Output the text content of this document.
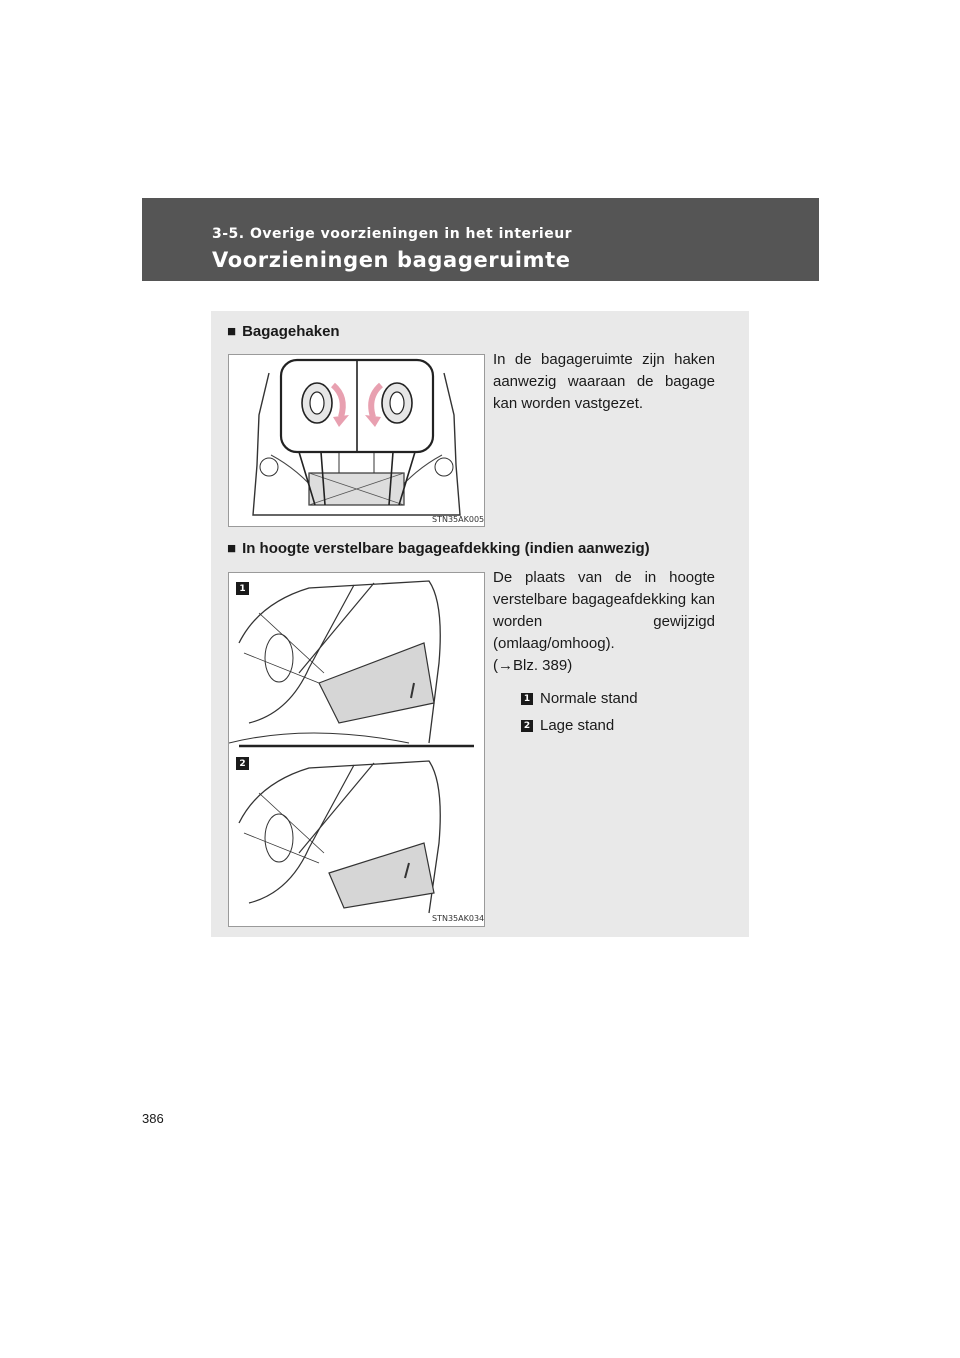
3-5. Overige voorzieningen in het interieur
Voorzieningen bagageruimte
■ Bagagehaken
STN35AK005
In de bagageruimte zijn haken aanwezig waaraan de bagage kan worden vastgezet.
■ In hoogte verstelbare bagageafdekking (indien aanwezig)
1
2
STN35AK034
De plaats van de in hoogte verstelbare bagageafdekking kan worden gewijzigd (omlaag/omhoog).
(→Blz. 389)
1 Normale stand
2 Lage stand
386
